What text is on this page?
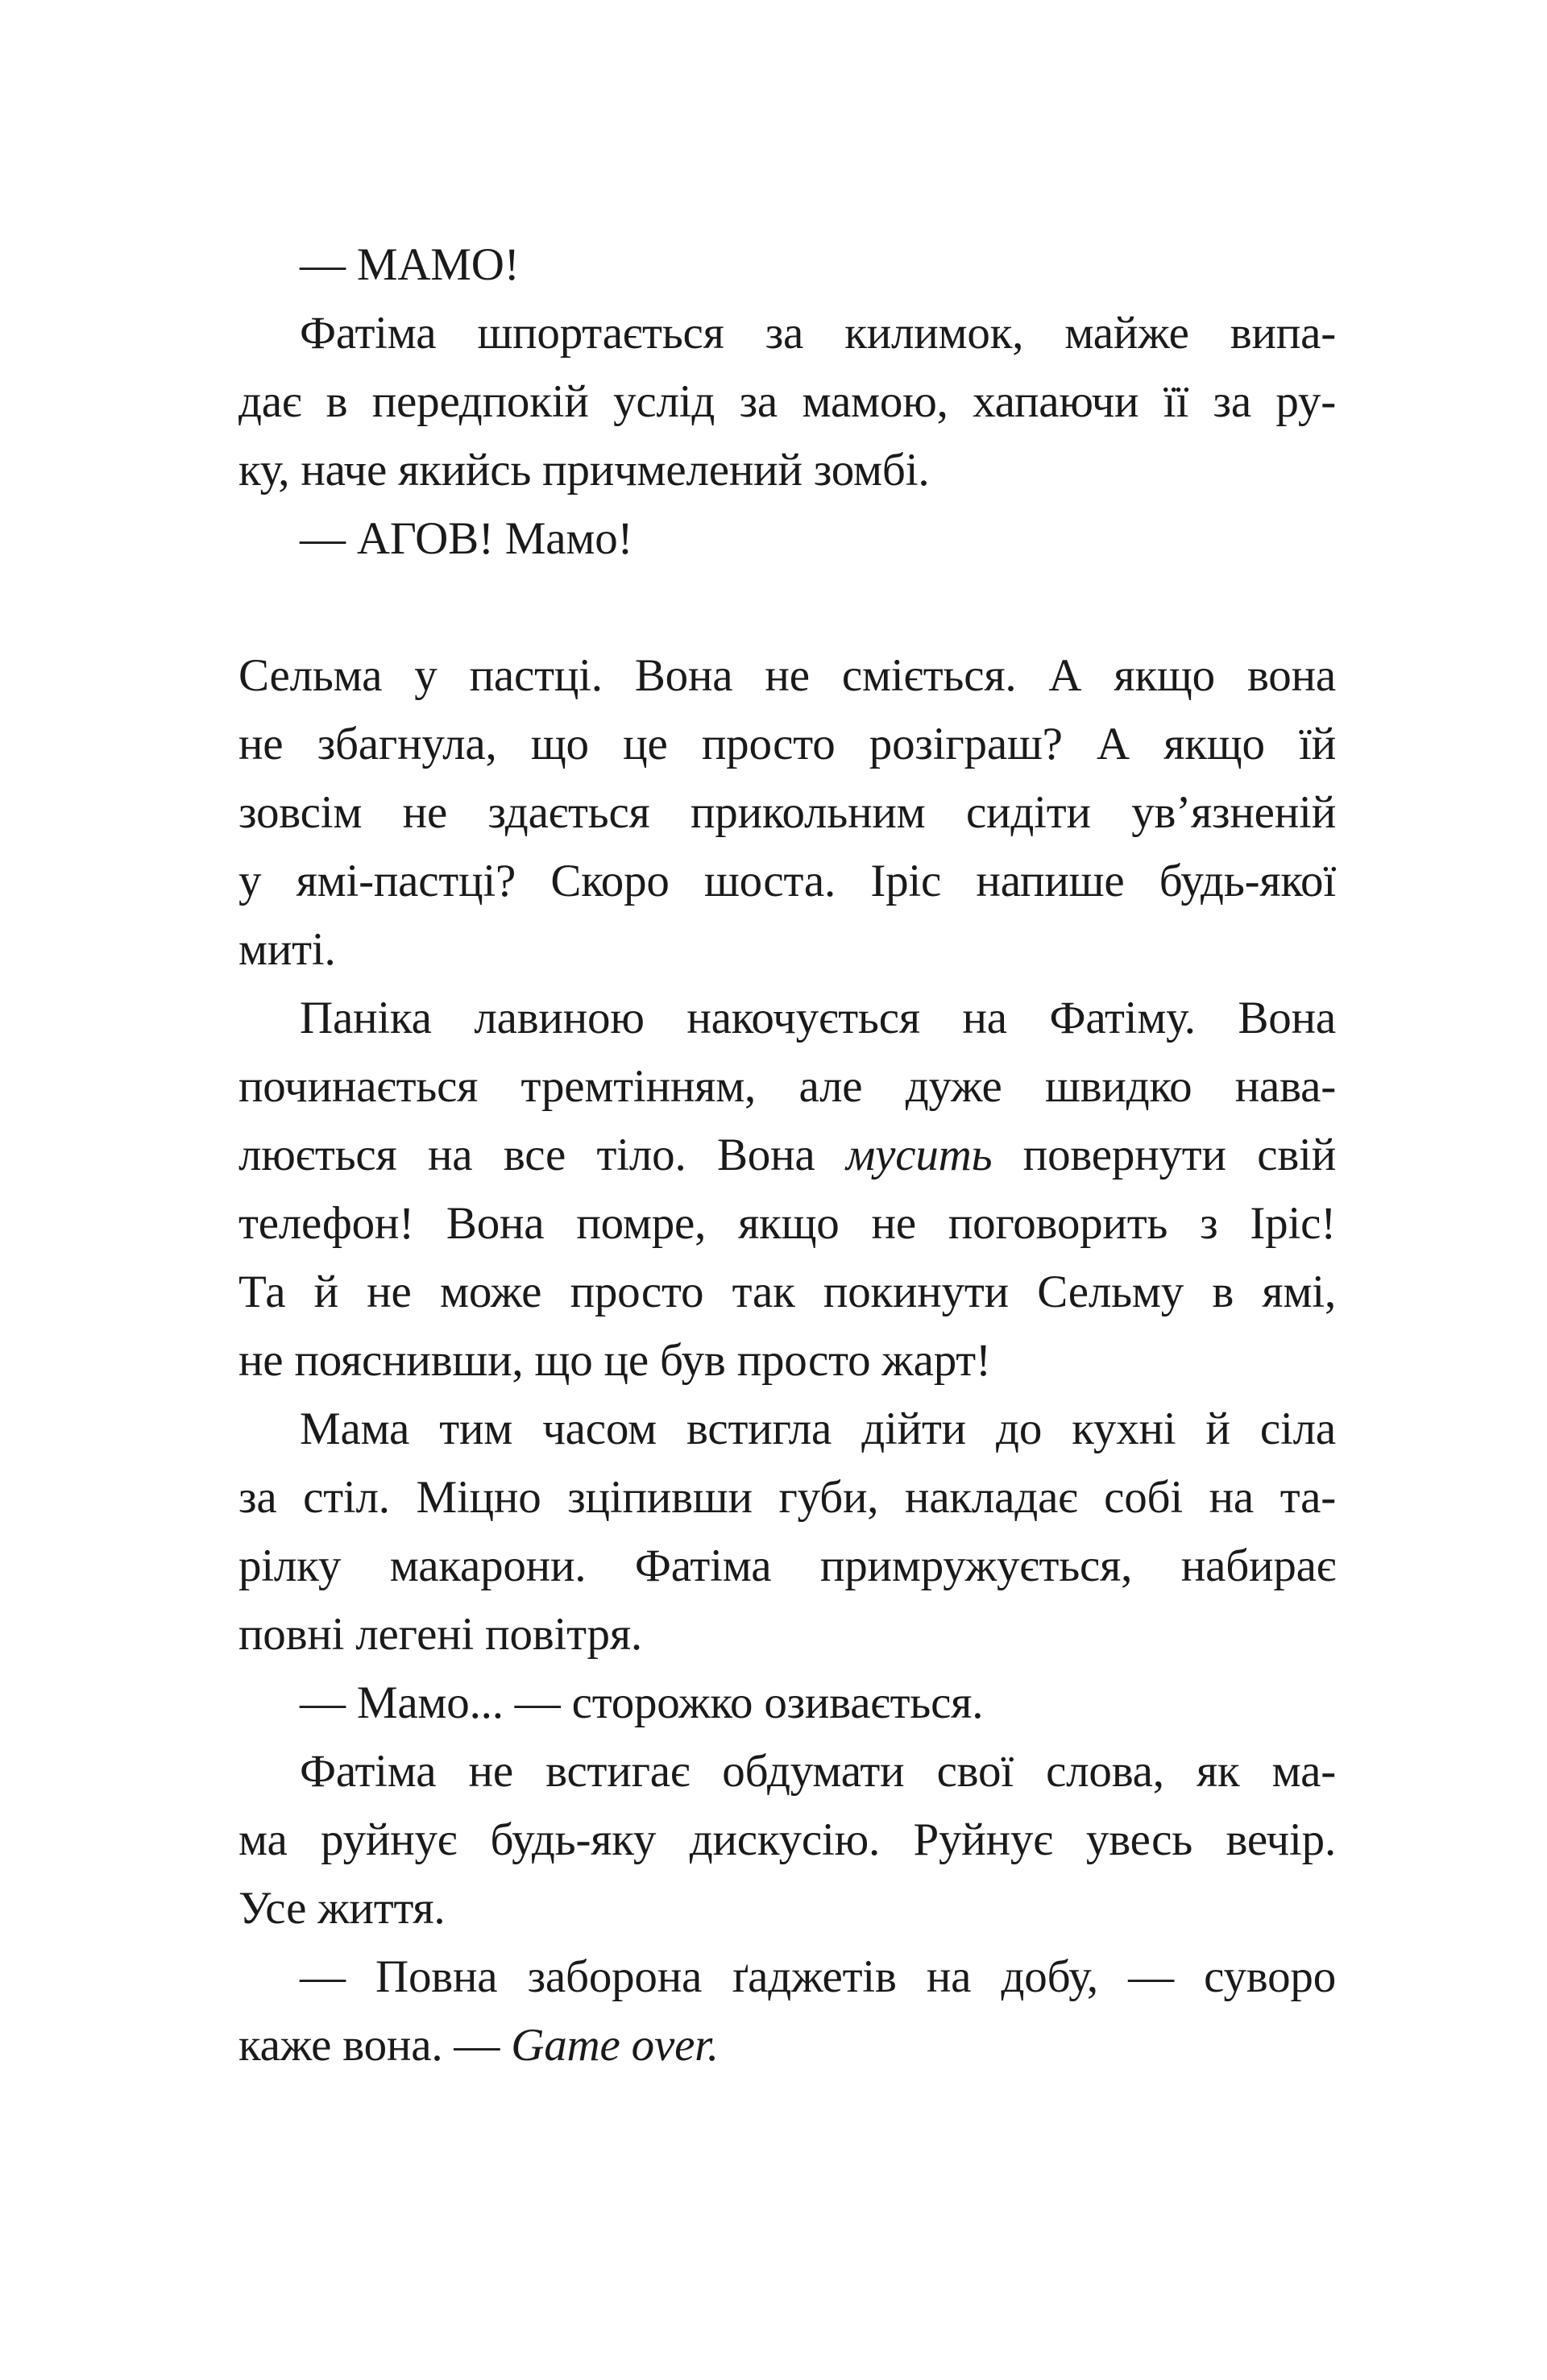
— МАМО!
Фатіма шпортається за килимок, майже випа-
дає в передпокій услід за мамою, хапаючи її за ру-
ку, наче якийсь причмелений зомбі.
— АГОВ! Мамо!
Сельма у пастці. Вона не сміється. А якщо вона
не збагнула, що це просто розіграш? А якщо їй
зовсім не здається прикольним сидіти ув’язненій
у ямі-пастці? Скоро шоста. Іріс напише будь-якої
миті.
Паніка лавиною накочується на Фатіму. Вона
починається тремтінням, але дуже швидко нава-
люється на все тіло. Вона мусить повернути свій
телефон! Вона помре, якщо не поговорить з Іріс!
Та й не може просто так покинути Сельму в ямі,
не пояснивши, що це був просто жарт!
Мама тим часом встигла дійти до кухні й сіла
за стіл. Міцно зціпивши губи, накладає собі на та-
рілку макарони. Фатіма примружується, набирає
повні легені повітря.
— Мамо... — сторожко озивається.
Фатіма не встигає обдумати свої слова, як ма-
ма руйнує будь-яку дискусію. Руйнує увесь вечір.
Усе життя.
— Повна заборона ґаджетів на добу, — суворо
каже вона. — Game over.
